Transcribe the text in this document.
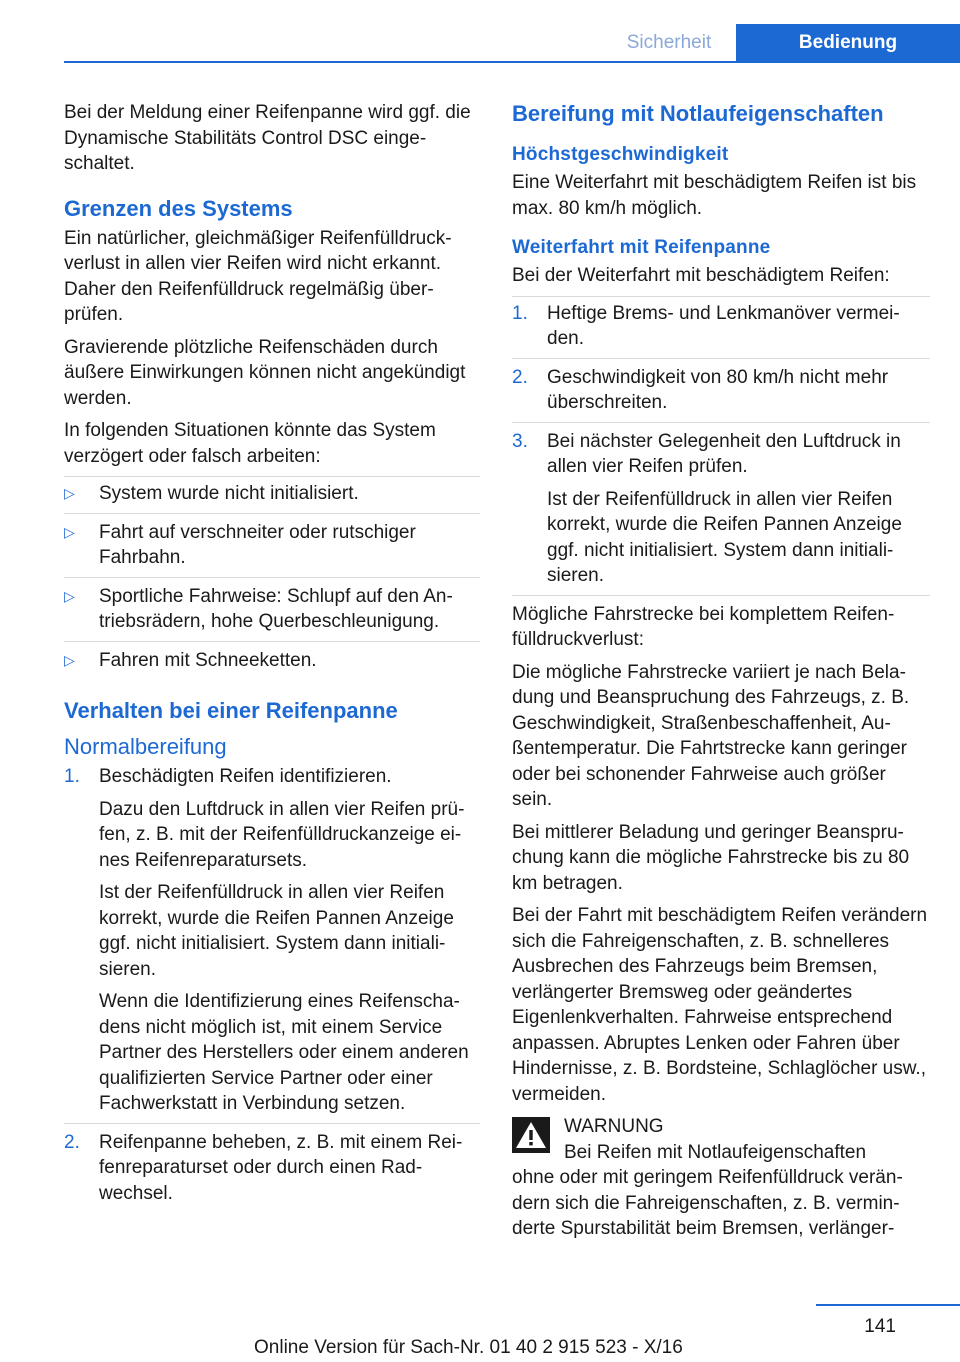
Sicherheit	Bedienung

Bei der Meldung einer Reifenpanne wird ggf. die Dynamische Stabilitäts Control DSC eingeschaltet.

Grenzen des Systems

Ein natürlicher, gleichmäßiger Reifenfülldruckverlust in allen vier Reifen wird nicht erkannt. Daher den Reifenfülldruck regelmäßig überprüfen.

Gravierende plötzliche Reifenschäden durch äußere Einwirkungen können nicht angekündigt werden.

In folgenden Situationen könnte das System verzögert oder falsch arbeiten:

▷ System wurde nicht initialisiert.
▷ Fahrt auf verschneiter oder rutschiger Fahrbahn.
▷ Sportliche Fahrweise: Schlupf auf den Antriebsrädern, hohe Querbeschleunigung.
▷ Fahren mit Schneeketten.
Verhalten bei einer Reifenpanne
Normalbereifung
1. Beschädigten Reifen identifizieren.
Dazu den Luftdruck in allen vier Reifen prüfen, z. B. mit der Reifenfülldruckanzeige eines Reifenreparatursets.
Ist der Reifenfülldruck in allen vier Reifen korrekt, wurde die Reifen Pannen Anzeige ggf. nicht initialisiert. System dann initialisieren.
Wenn die Identifizierung eines Reifenschadens nicht möglich ist, mit einem Service Partner des Herstellers oder einem anderen qualifizierten Service Partner oder einer Fachwerkstatt in Verbindung setzen.
2. Reifenpanne beheben, z. B. mit einem Reifenreparaturset oder durch einen Radwechsel.
Bereifung mit Notlaufeigenschaften
Höchstgeschwindigkeit

Eine Weiterfahrt mit beschädigtem Reifen ist bis max. 80 km/h möglich.

Weiterfahrt mit Reifenpanne

Bei der Weiterfahrt mit beschädigtem Reifen:

1. Heftige Brems- und Lenkmanöver vermeiden.
2. Geschwindigkeit von 80 km/h nicht mehr überschreiten.
3. Bei nächster Gelegenheit den Luftdruck in allen vier Reifen prüfen.
Ist der Reifenfülldruck in allen vier Reifen korrekt, wurde die Reifen Pannen Anzeige ggf. nicht initialisiert. System dann initialisieren.

Mögliche Fahrstrecke bei komplettem Reifenfülldruckverlust:

Die mögliche Fahrstrecke variiert je nach Beladung und Beanspruchung des Fahrzeugs, z. B. Geschwindigkeit, Straßenbeschaffenheit, Außentemperatur. Die Fahrtstrecke kann geringer oder bei schonender Fahrweise auch größer sein.

Bei mittlerer Beladung und geringer Beanspruchung kann die mögliche Fahrstrecke bis zu 80 km betragen.

Bei der Fahrt mit beschädigtem Reifen verändern sich die Fahreigenschaften, z. B. schnelleres Ausbrechen des Fahrzeugs beim Bremsen, verlängerter Bremsweg oder geändertes Eigenlenkverhalten. Fahrweise entsprechend anpassen. Abruptes Lenken oder Fahren über Hindernisse, z. B. Bordsteine, Schlaglöcher usw., vermeiden.

WARNUNG
Bei Reifen mit Notlaufeigenschaften

ohne oder mit geringem Reifenfülldruck verändern sich die Fahreigenschaften, z. B. verminderte Spurstabilität beim Bremsen, verlänger-

141
Online Version für Sach-Nr. 01 40 2 915 523 - X/16
